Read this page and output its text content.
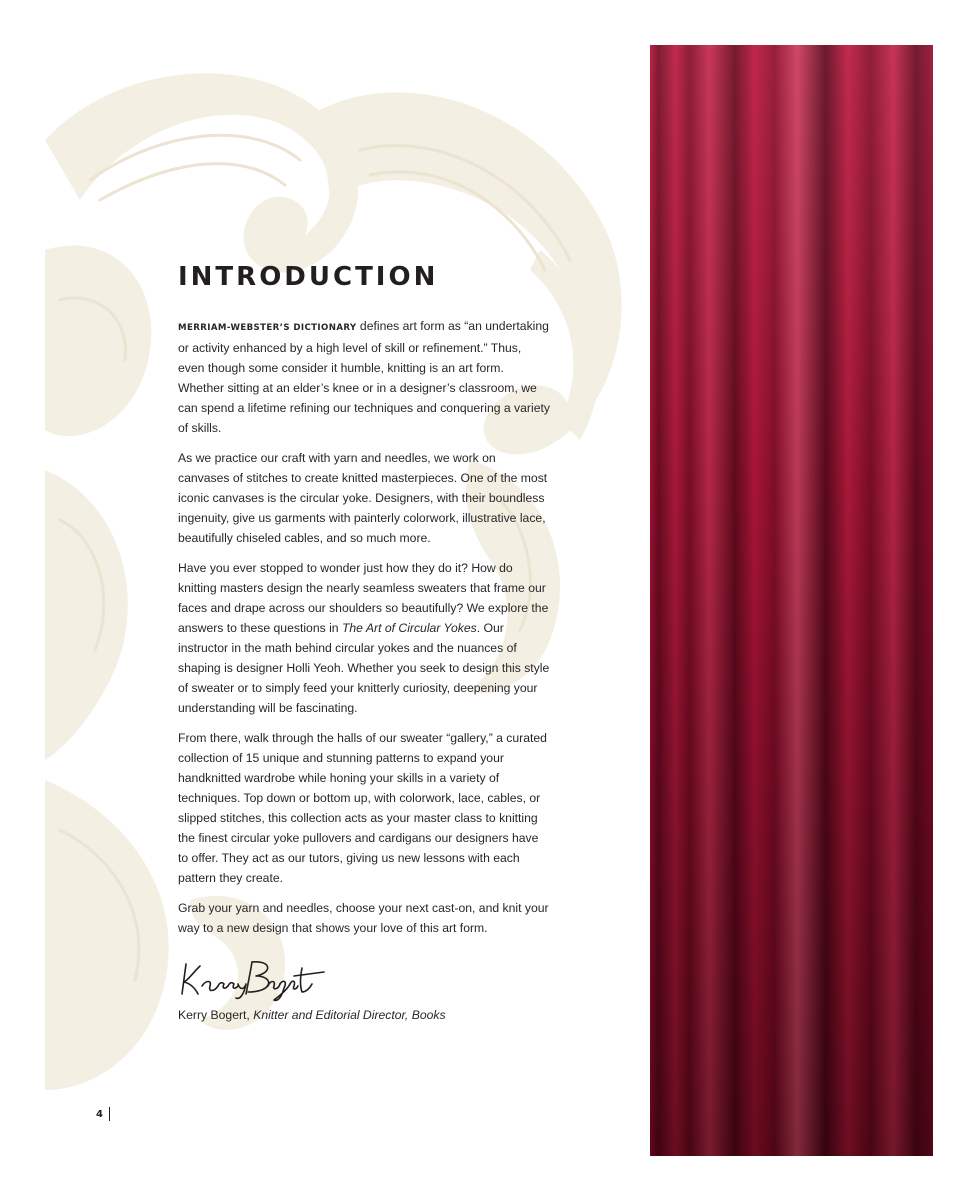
INTRODUCTION

MERRIAM-WEBSTER’S DICTIONARY defines art form as “an undertaking or activity enhanced by a high level of skill or refinement.” Thus, even though some consider it humble, knitting is an art form. Whether sitting at an elder’s knee or in a designer’s classroom, we can spend a lifetime refining our techniques and conquering a variety of skills.

As we practice our craft with yarn and needles, we work on canvases of stitches to create knitted masterpieces. One of the most iconic canvases is the circular yoke. Designers, with their boundless ingenuity, give us garments with painterly colorwork, illustrative lace, beautifully chiseled cables, and so much more.

Have you ever stopped to wonder just how they do it? How do knitting masters design the nearly seamless sweaters that frame our faces and drape across our shoulders so beautifully? We explore the answers to these questions in The Art of Circular Yokes. Our instructor in the math behind circular yokes and the nuances of shaping is designer Holli Yeoh. Whether you seek to design this style of sweater or to simply feed your knitterly curiosity, deepening your understanding will be fascinating.

From there, walk through the halls of our sweater “gallery,” a curated collection of 15 unique and stunning patterns to expand your handknitted wardrobe while honing your skills in a variety of techniques. Top down or bottom up, with colorwork, lace, cables, or slipped stitches, this collection acts as your master class to knitting the finest circular yoke pullovers and cardigans our designers have to offer. They act as our tutors, giving us new lessons with each pattern they create.

Grab your yarn and needles, choose your next cast-on, and knit your way to a new design that shows your love of this art form.

Kerry Bogert, Knitter and Editorial Director, Books

4
